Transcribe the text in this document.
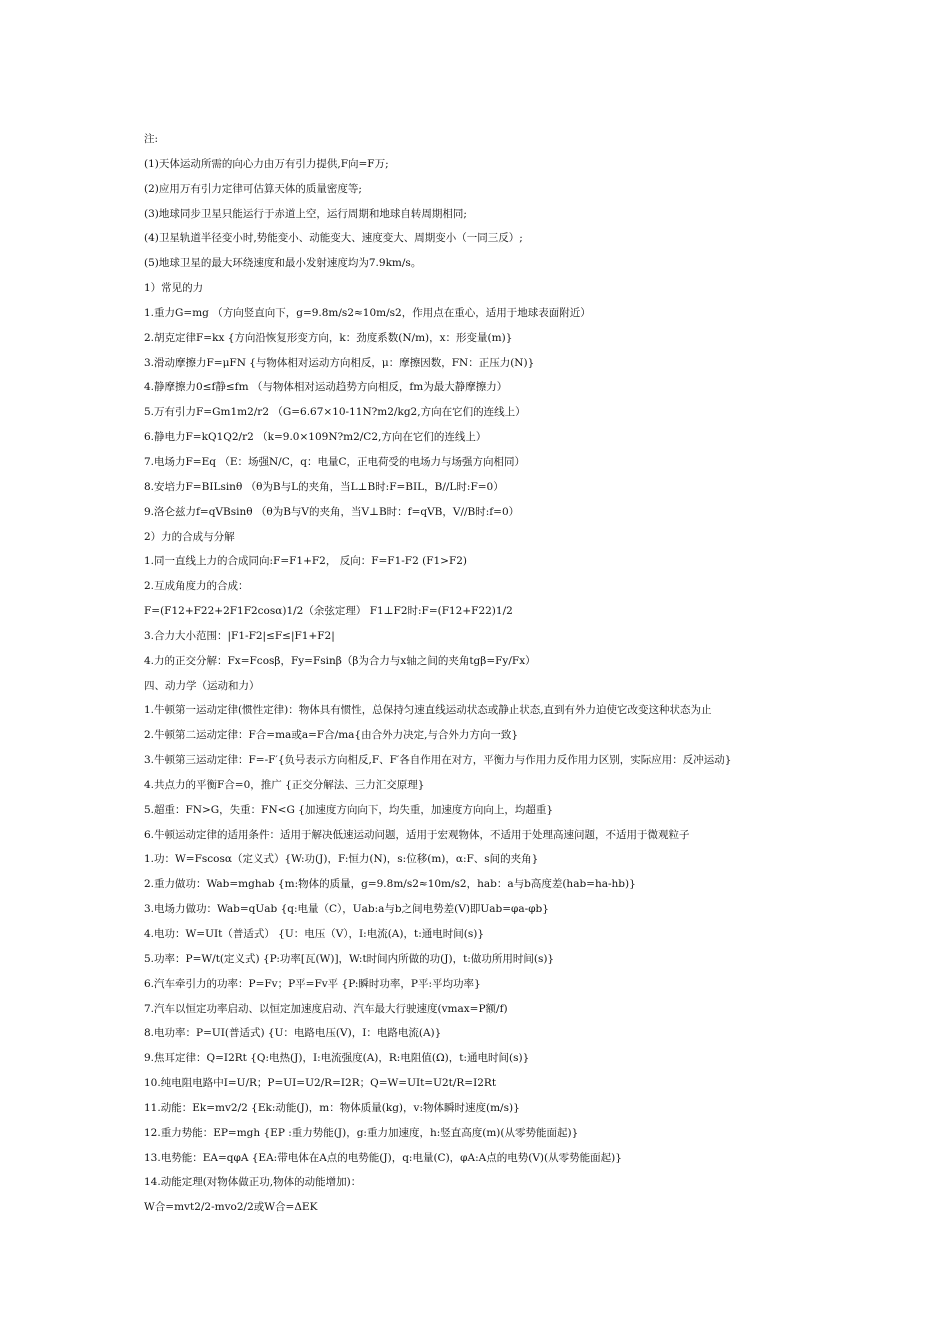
注:
(1)天体运动所需的向心力由万有引力提供,F向=F万;
(2)应用万有引力定律可估算天体的质量密度等;
(3)地球同步卫星只能运行于赤道上空，运行周期和地球自转周期相同;
(4)卫星轨道半径变小时,势能变小、动能变大、速度变大、周期变小（一同三反）;
(5)地球卫星的最大环绕速度和最小发射速度均为7.9km/s。
1）常见的力
1.重力G=mg （方向竖直向下，g=9.8m/s2≈10m/s2，作用点在重心，适用于地球表面附近）
2.胡克定律F=kx {方向沿恢复形变方向，k：劲度系数(N/m)，x：形变量(m)}
3.滑动摩擦力F=μFN {与物体相对运动方向相反，μ：摩擦因数，FN：正压力(N)}
4.静摩擦力0≤f静≤fm （与物体相对运动趋势方向相反，fm为最大静摩擦力）
5.万有引力F=Gm1m2/r2 （G=6.67×10-11N?m2/kg2,方向在它们的连线上）
6.静电力F=kQ1Q2/r2 （k=9.0×109N?m2/C2,方向在它们的连线上）
7.电场力F=Eq （E：场强N/C，q：电量C，正电荷受的电场力与场强方向相同）
8.安培力F=BILsinθ （θ为B与L的夹角，当L⊥B时:F=BIL，B//L时:F=0）
9.洛仑兹力f=qVBsinθ （θ为B与V的夹角，当V⊥B时：f=qVB，V//B时:f=0）
2）力的合成与分解
1.同一直线上力的合成同向:F=F1+F2， 反向：F=F1-F2 (F1>F2)
2.互成角度力的合成：
F=(F12+F22+2F1F2cosα)1/2（余弦定理） F1⊥F2时:F=(F12+F22)1/2
3.合力大小范围：|F1-F2|≤F≤|F1+F2|
4.力的正交分解：Fx=Fcosβ，Fy=Fsinβ（β为合力与x轴之间的夹角tgβ=Fy/Fx）
四、动力学（运动和力）
1.牛顿第一运动定律(惯性定律)：物体具有惯性，总保持匀速直线运动状态或静止状态,直到有外力迫使它改变这种状态为止
2.牛顿第二运动定律：F合=ma或a=F合/ma{由合外力决定,与合外力方向一致}
3.牛顿第三运动定律：F=-F′{负号表示方向相反,F、F′各自作用在对方，平衡力与作用力反作用力区别，实际应用：反冲运动}
4.共点力的平衡F合=0，推广 {正交分解法、三力汇交原理}
5.超重：FN>G，失重：FN<G {加速度方向向下，均失重，加速度方向向上，均超重}
6.牛顿运动定律的适用条件：适用于解决低速运动问题，适用于宏观物体，不适用于处理高速问题，不适用于微观粒子
1.功：W=Fscosα（定义式）{W:功(J)，F:恒力(N)，s:位移(m)，α:F、s间的夹角}
2.重力做功：Wab=mghab {m:物体的质量，g=9.8m/s2≈10m/s2，hab：a与b高度差(hab=ha-hb)}
3.电场力做功：Wab=qUab {q:电量（C），Uab:a与b之间电势差(V)即Uab=φa-φb}
4.电功：W=UIt（普适式） {U：电压（V），I:电流(A)，t:通电时间(s)}
5.功率：P=W/t(定义式) {P:功率[瓦(W)]，W:t时间内所做的功(J)，t:做功所用时间(s)}
6.汽车牵引力的功率：P=Fv；P平=Fv平 {P:瞬时功率，P平:平均功率}
7.汽车以恒定功率启动、以恒定加速度启动、汽车最大行驶速度(vmax=P额/f)
8.电功率：P=UI(普适式) {U：电路电压(V)，I：电路电流(A)}
9.焦耳定律：Q=I2Rt {Q:电热(J)，I:电流强度(A)，R:电阻值(Ω)，t:通电时间(s)}
10.纯电阻电路中I=U/R；P=UI=U2/R=I2R；Q=W=UIt=U2t/R=I2Rt
11.动能：Ek=mv2/2 {Ek:动能(J)，m：物体质量(kg)，v:物体瞬时速度(m/s)}
12.重力势能：EP=mgh {EP :重力势能(J)，g:重力加速度，h:竖直高度(m)(从零势能面起)}
13.电势能：EA=qφA {EA:带电体在A点的电势能(J)，q:电量(C)，φA:A点的电势(V)(从零势能面起)}
14.动能定理(对物体做正功,物体的动能增加)：
W合=mvt2/2-mvo2/2或W合=ΔEK
